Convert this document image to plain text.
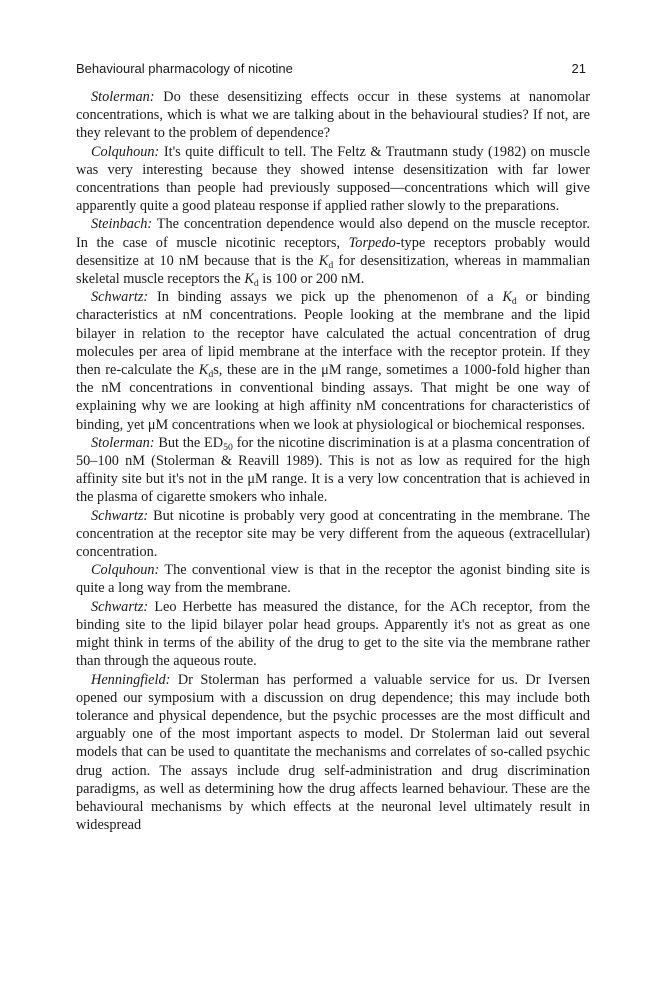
Behavioural pharmacology of nicotine	21

Stolerman: Do these desensitizing effects occur in these systems at nanomolar concentrations, which is what we are talking about in the behavioural studies? If not, are they relevant to the problem of dependence?

Colquhoun: It's quite difficult to tell. The Feltz & Trautmann study (1982) on muscle was very interesting because they showed intense desensitization with far lower concentrations than people had previously supposed—concentrations which will give apparently quite a good plateau response if applied rather slowly to the preparations.

Steinbach: The concentration dependence would also depend on the muscle receptor. In the case of muscle nicotinic receptors, Torpedo-type receptors probably would desensitize at 10 nM because that is the $K_d$ for desensitization, whereas in mammalian skeletal muscle receptors the $K_d$ is 100 or 200 nM.

Schwartz: In binding assays we pick up the phenomenon of a $K_d$ or binding characteristics at nM concentrations. People looking at the membrane and the lipid bilayer in relation to the receptor have calculated the actual concentration of drug molecules per area of lipid membrane at the interface with the receptor protein. If they then re-calculate the $K_ds$, these are in the μM range, sometimes a 1000-fold higher than the nM concentrations in conventional binding assays. That might be one way of explaining why we are looking at high affinity nM concentrations for characteristics of binding, yet μM concentrations when we look at physiological or biochemical responses.

Stolerman: But the $ED_{50}$ for the nicotine discrimination is at a plasma concentration of 50–100 nM (Stolerman & Reavill 1989). This is not as low as required for the high affinity site but it's not in the μM range. It is a very low concentration that is achieved in the plasma of cigarette smokers who inhale.

Schwartz: But nicotine is probably very good at concentrating in the membrane. The concentration at the receptor site may be very different from the aqueous (extracellular) concentration.

Colquhoun: The conventional view is that in the receptor the agonist binding site is quite a long way from the membrane.

Schwartz: Leo Herbette has measured the distance, for the ACh receptor, from the binding site to the lipid bilayer polar head groups. Apparently it's not as great as one might think in terms of the ability of the drug to get to the site via the membrane rather than through the aqueous route.

Henningfield: Dr Stolerman has performed a valuable service for us. Dr Iversen opened our symposium with a discussion on drug dependence; this may include both tolerance and physical dependence, but the psychic processes are the most difficult and arguably one of the most important aspects to model. Dr Stolerman laid out several models that can be used to quantitate the mechanisms and correlates of so-called psychic drug action. The assays include drug self-administration and drug discrimination paradigms, as well as determining how the drug affects learned behaviour. These are the behavioural mechanisms by which effects at the neuronal level ultimately result in widespread
